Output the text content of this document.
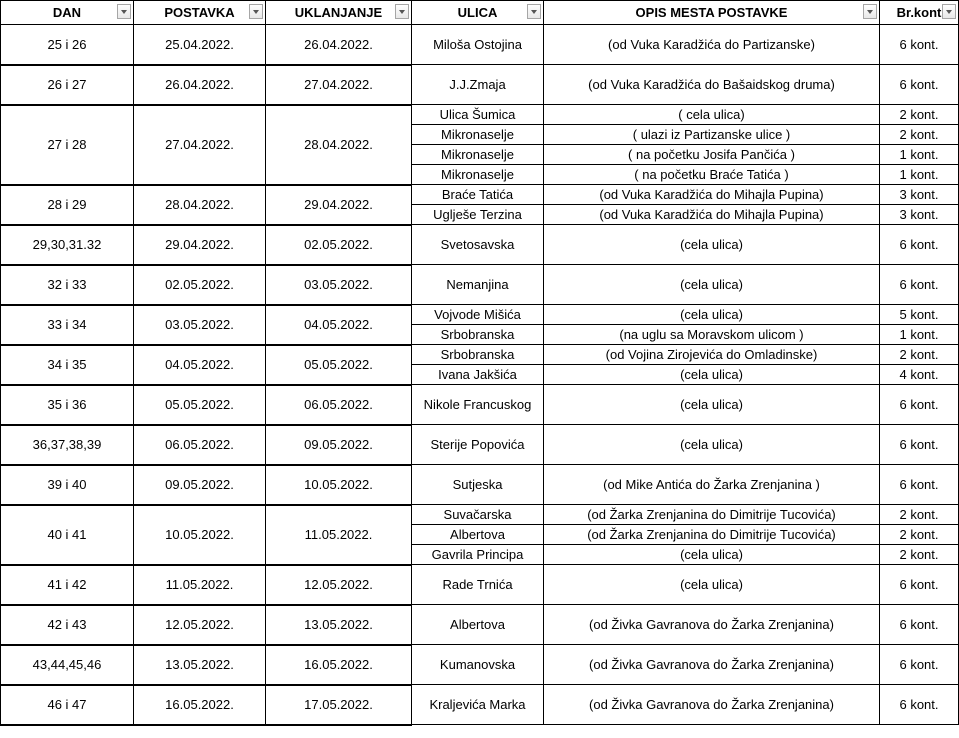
DAN	POSTAVKA	UKLANJANJE	ULICA	OPIS MESTA POSTAVKE	Br.kont

25 i 26	25.04.2022.	26.04.2022.	Miloša Ostojina	(od Vuka Karadžića do Partizanske)	6 kont.
26 i 27	26.04.2022.	27.04.2022.	J.J.Zmaja	(od Vuka Karadžića do Bašaidskog druma)	6 kont.
27 i 28	27.04.2022.	28.04.2022.	Ulica Šumica	( cela ulica)	2 kont.
			Mikronaselje	( ulazi iz Partizanske ulice )	2 kont.
			Mikronaselje	( na početku Josifa Pančića )	1 kont.
			Mikronaselje	( na početku Braće Tatića )	1 kont.
28 i 29	28.04.2022.	29.04.2022.	Braće Tatića	(od Vuka Karadžića do Mihajla Pupina)	3 kont.
			Uglješe Terzina	(od Vuka Karadžića do Mihajla Pupina)	3 kont.
29,30,31.32	29.04.2022.	02.05.2022.	Svetosavska	(cela ulica)	6 kont.
32 i 33	02.05.2022.	03.05.2022.	Nemanjina	(cela ulica)	6 kont.
33 i 34	03.05.2022.	04.05.2022.	Vojvode Mišića	(cela ulica)	5 kont.
			Srbobranska	(na uglu sa Moravskom ulicom )	1 kont.
34 i 35	04.05.2022.	05.05.2022.	Srbobranska	(od Vojina Zirojevića do Omladinske)	2 kont.
			Ivana Jakšića	(cela ulica)	4 kont.
35 i 36	05.05.2022.	06.05.2022.	Nikole Francuskog	(cela ulica)	6 kont.
36,37,38,39	06.05.2022.	09.05.2022.	Sterije Popovića	(cela ulica)	6 kont.
39 i 40	09.05.2022.	10.05.2022.	Sutjeska	(od Mike Antića do Žarka Zrenjanina )	6 kont.
40 i 41	10.05.2022.	11.05.2022.	Suvačarska	(od Žarka Zrenjanina do Dimitrije Tucovića)	2 kont.
			Albertova	(od Žarka Zrenjanina do Dimitrije Tucovića)	2 kont.
			Gavrila Principa	(cela ulica)	2 kont.
41 i 42	11.05.2022.	12.05.2022.	Rade Trnića	(cela ulica)	6 kont.
42 i 43	12.05.2022.	13.05.2022.	Albertova	(od Živka Gavranova do Žarka Zrenjanina)	6 kont.
43,44,45,46	13.05.2022.	16.05.2022.	Kumanovska	(od Živka Gavranova do Žarka Zrenjanina)	6 kont.
46 i 47	16.05.2022.	17.05.2022.	Kraljevića Marka	(od Živka Gavranova do Žarka Zrenjanina)	6 kont.
